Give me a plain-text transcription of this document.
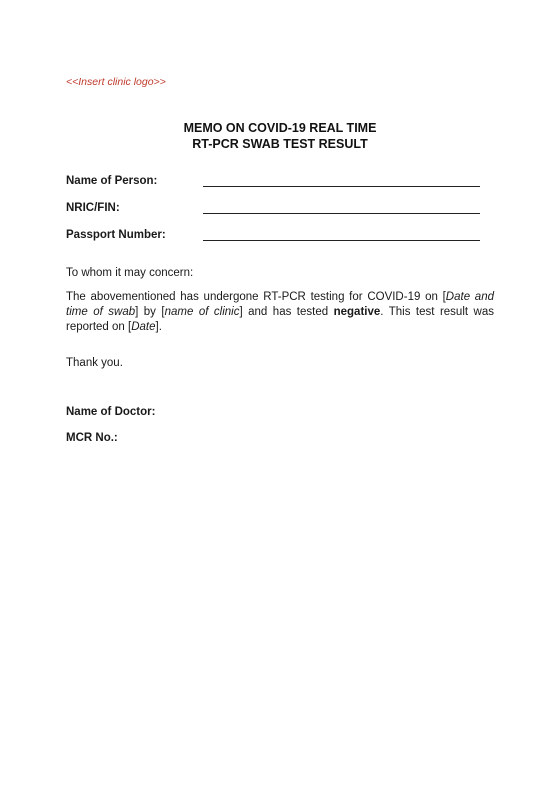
<<Insert clinic logo>>
MEMO ON COVID-19 REAL TIME
RT-PCR SWAB TEST RESULT
Name of Person:
NRIC/FIN:
Passport Number:
To whom it may concern:
The abovementioned has undergone RT-PCR testing for COVID-19 on [Date and time of swab] by [name of clinic] and has tested negative. This test result was reported on [Date].
Thank you.
Name of Doctor:
MCR No.:
